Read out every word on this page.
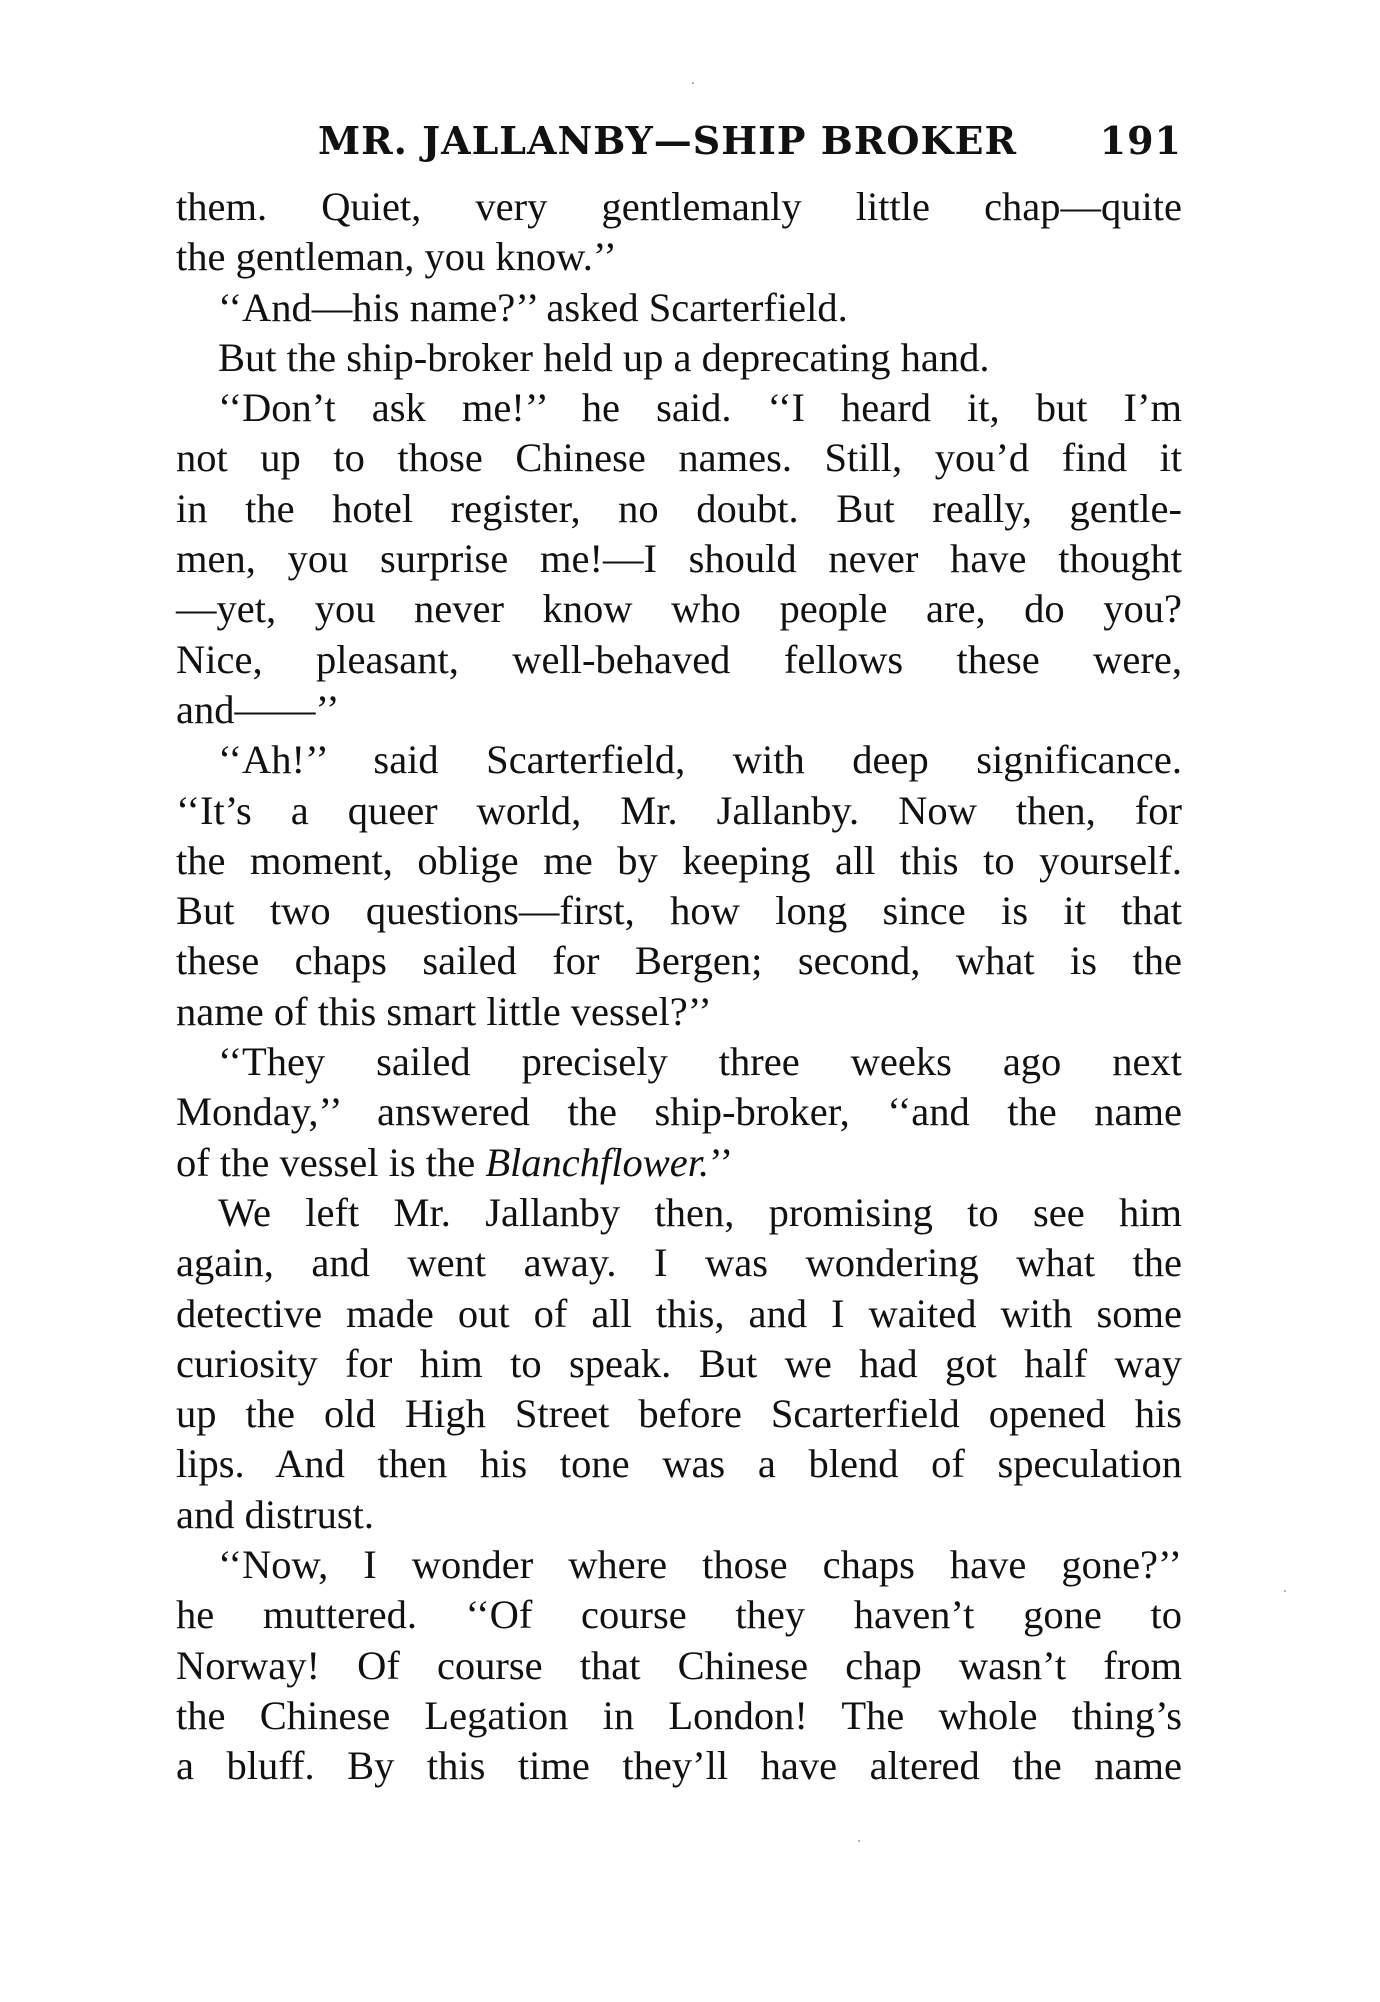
MR. JALLANBY—SHIP BROKER 191
them. Quiet, very gentlemanly little chap—quite
the gentleman, you know.’’
‘‘And—his name?’’ asked Scarterfield.
But the ship-broker held up a deprecating hand.
‘‘Don’t ask me!’’ he said. ‘‘I heard it, but I’m
not up to those Chinese names. Still, you’d find it
in the hotel register, no doubt. But really, gentle-
men, you surprise me!—I should never have thought
—yet, you never know who people are, do you?
Nice, pleasant, well-behaved fellows these were,
and——’’
‘‘Ah!’’ said Scarterfield, with deep significance.
‘‘It’s a queer world, Mr. Jallanby. Now then, for
the moment, oblige me by keeping all this to yourself.
But two questions—first, how long since is it that
these chaps sailed for Bergen; second, what is the
name of this smart little vessel?’’
‘‘They sailed precisely three weeks ago next
Monday,’’ answered the ship-broker, ‘‘and the name
of the vessel is the Blanchflower.’’
We left Mr. Jallanby then, promising to see him
again, and went away. I was wondering what the
detective made out of all this, and I waited with some
curiosity for him to speak. But we had got half way
up the old High Street before Scarterfield opened his
lips. And then his tone was a blend of speculation
and distrust.
‘‘Now, I wonder where those chaps have gone?’’
he muttered. ‘‘Of course they haven’t gone to
Norway! Of course that Chinese chap wasn’t from
the Chinese Legation in London! The whole thing’s
a bluff. By this time they’ll have altered the name
